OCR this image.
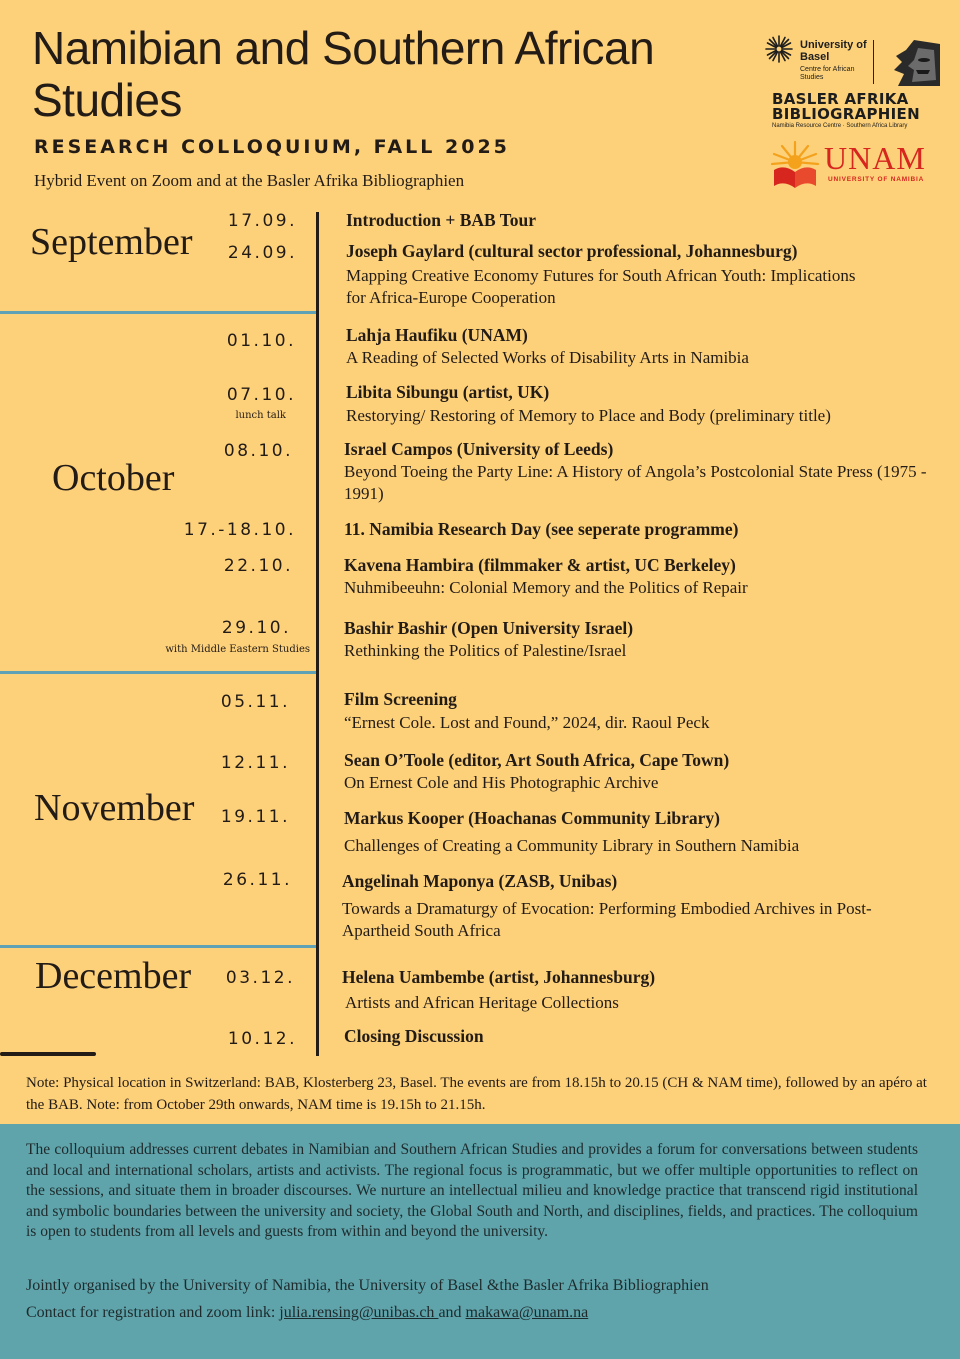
Namibian and Southern African Studies
RESEARCH COLLOQUIUM, FALL 2025
Hybrid Event on Zoom and at the Basler Afrika Bibliographien
University of Basel
Centre for African Studies
BASLER AFRIKA
BIBLIOGRAPHIEN
Namibia Resource Centre · Southern Africa Library
UNAM
UNIVERSITY OF NAMIBIA
September
October
November
December
17.09.
24.09.
01.10.
07.10.
lunch talk
08.10.
17.-18.10.
22.10.
29.10.
with Middle Eastern Studies
05.11.
12.11.
19.11.
26.11.
03.12.
10.12.
Introduction + BAB Tour
Joseph Gaylard (cultural sector professional, Johannesburg)
Mapping Creative Economy Futures for South African Youth: Implications for Africa-Europe Cooperation
Lahja Haufiku (UNAM)
A Reading of Selected Works of Disability Arts in Namibia
Libita Sibungu (artist, UK)
Restorying/ Restoring of Memory to Place and Body (preliminary title)
Israel Campos (University of Leeds)
Beyond Toeing the Party Line: A History of Angola’s Postcolonial State Press (1975 - 1991)
11. Namibia Research Day (see seperate programme)
Kavena Hambira (filmmaker & artist, UC Berkeley)
Nuhmibeeuhn: Colonial Memory and the Politics of Repair
Bashir Bashir (Open University Israel)
Rethinking the Politics of Palestine/Israel
Film Screening
“Ernest Cole. Lost and Found,” 2024, dir. Raoul Peck
Sean O’Toole (editor, Art South Africa, Cape Town)
On Ernest Cole and His Photographic Archive
Markus Kooper (Hoachanas Community Library)
Challenges of Creating a Community Library in Southern Namibia
Angelinah Maponya (ZASB, Unibas)
Towards a Dramaturgy of Evocation: Performing Embodied Archives in Post-Apartheid South Africa
Helena Uambembe (artist, Johannesburg)
Artists and African Heritage Collections
Closing Discussion
Note: Physical location in Switzerland: BAB, Klosterberg 23, Basel. The events are from 18.15h to 20.15 (CH & NAM time), followed by an apéro at the BAB. Note: from October 29th onwards, NAM time is 19.15h to 21.15h.
The colloquium addresses current debates in Namibian and Southern African Studies and provides a forum for conversations between students and local and international scholars, artists and activists. The regional focus is programmatic, but we offer multiple opportunities to reflect on the sessions, and situate them in broader discourses. We nurture an intellectual milieu and knowledge practice that transcend rigid institutional and symbolic boundaries between the university and society, the Global South and North, and disciplines, fields, and practices. The colloquium is open to students from all levels and guests from within and beyond the university.
Jointly organised by the University of Namibia, the University of Basel &the Basler Afrika Bibliographien
Contact for registration and zoom link: julia.rensing@unibas.ch and makawa@unam.na
